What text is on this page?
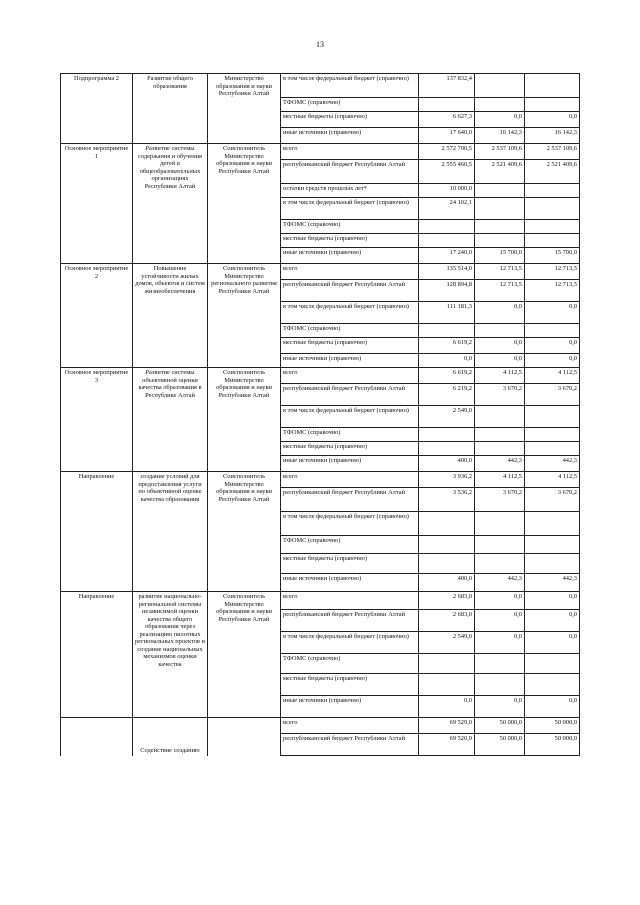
13
Подпрограмма 2	Развитие общего образования	Министерство образования и науки Республики Алтай	в том числе федеральный бюджет (справочно)	137 832,4		
			ТФОМС (справочно)			
			местные бюджеты (справочно)	6 627,3	0,0	0,0
			иные источники (справочно)	17 640,0	16 142,3	16 142,3
Основное мероприятие 1	Развитие системы содержания и обучения детей в общеобразовательных организациях Республики Алтай	Соисполнитель Министерство образования и науки Республики Алтай	всего	2 572 700,5	2 537 109,6	2 537 109,6
			республиканский бюджет Республики Алтай	2 555 460,5	2 521 409,6	2 521 409,6
			остатки средств прошлых лет*	10 000,0		
			в том числе федеральный бюджет (справочно)	24 102,1		
			ТФОМС (справочно)			
			местные бюджеты (справочно)			
			иные источники (справочно)	17 240,0	15 700,0	15 700,0
Основное мероприятие 2	Повышение устойчивости жилых домов, объектов и систем жизнеобеспечения	Соисполнитель Министерство регионального развития Республики Алтай	всего	135 514,0	12 713,5	12 713,5
			республиканский бюджет Республики Алтай	128 894,8	12 713,5	12 713,5
			в том числе федеральный бюджет (справочно)	111 181,3	0,0	0,0
			ТФОМС (справочно)			
			местные бюджеты (справочно)	6 619,2	0,0	0,0
			иные источники (справочно)	0,0	0,0	0,0
Основное мероприятие 3	Развитие системы объективной оценки качества образования в Республике Алтай	Соисполнитель Министерство образования и науки Республики Алтай	всего	6 619,2	4 112,5	4 112,5
			республиканский бюджет Республики Алтай	6 219,2	3 670,2	3 670,2
			в том числе федеральный бюджет (справочно)	2 549,0		
			ТФОМС (справочно)			
			местные бюджеты (справочно)			
			иные источники (справочно)	400,0	442,3	442,3
Направление	создание условий для предоставления услуги по объективной оценке качества образования	Соисполнитель Министерство образования и науки Республики Алтай	всего	3 936,2	4 112,5	4 112,5
			республиканский бюджет Республики Алтай	3 536,2	3 670,2	3 670,2
			в том числе федеральный бюджет (справочно)			
			ТФОМС (справочно)			
			местные бюджеты (справочно)			
			иные источники (справочно)	400,0	442,3	442,3
Направление	развитие национально-региональной системы независимой оценки качества общего образования через реализацию пилотных региональных проектов и создание национальных механизмов оценки качества	Соисполнитель Министерство образования и науки Республики Алтай	всего	2 683,0	0,0	0,0
			республиканский бюджет Республики Алтай	2 683,0	0,0	0,0
			в том числе федеральный бюджет (справочно)	2 549,0	0,0	0,0
			ТФОМС (справочно)			
			местные бюджеты (справочно)			
			иные источники (справочно)	0,0	0,0	0,0
	Содействие созданию		всего	69 529,0	50 000,0	50 000,0
			республиканский бюджет Республики Алтай	69 520,9	50 000,0	50 000,0
